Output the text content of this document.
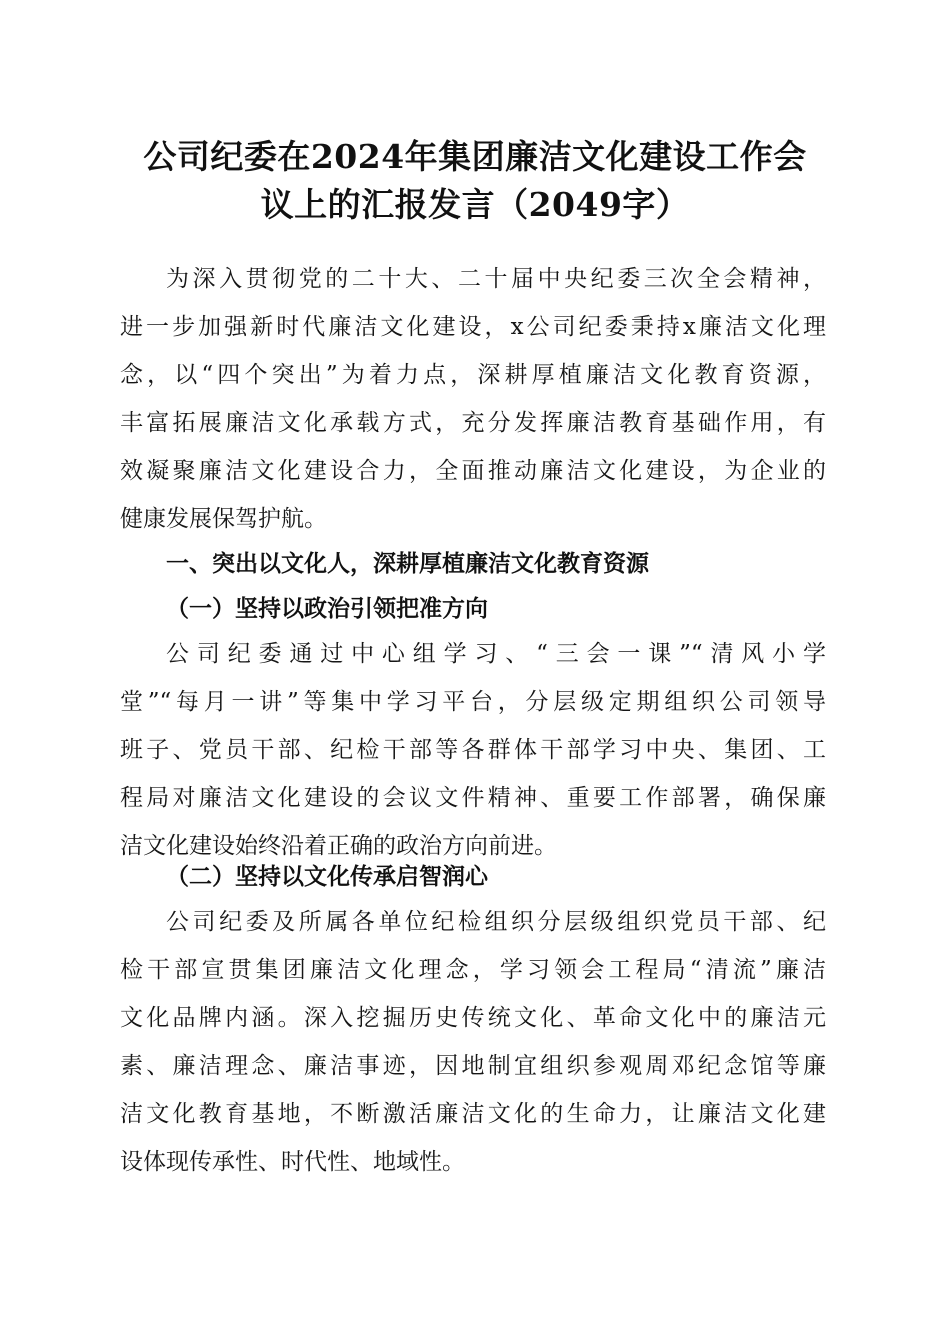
公司纪委在2024年集团廉洁文化建设工作会
议上的汇报发言（2049字）

为深入贯彻党的二十大、二十届中央纪委三次全会精神，
进一步加强新时代廉洁文化建设，x公司纪委秉持x廉洁文化理
念，以“四个突出”为着力点，深耕厚植廉洁文化教育资源，
丰富拓展廉洁文化承载方式，充分发挥廉洁教育基础作用，有
效凝聚廉洁文化建设合力，全面推动廉洁文化建设，为企业的
健康发展保驾护航。

一、突出以文化人，深耕厚植廉洁文化教育资源
（一）坚持以政治引领把准方向

公司纪委通过中心组学习、“三会一课”“清风小学
堂”“每月一讲”等集中学习平台，分层级定期组织公司领导
班子、党员干部、纪检干部等各群体干部学习中央、集团、工
程局对廉洁文化建设的会议文件精神、重要工作部署，确保廉
洁文化建设始终沿着正确的政治方向前进。

（二）坚持以文化传承启智润心

公司纪委及所属各单位纪检组织分层级组织党员干部、纪
检干部宣贯集团廉洁文化理念，学习领会工程局“清流”廉洁
文化品牌内涵。深入挖掘历史传统文化、革命文化中的廉洁元
素、廉洁理念、廉洁事迹，因地制宜组织参观周邓纪念馆等廉
洁文化教育基地，不断激活廉洁文化的生命力，让廉洁文化建
设体现传承性、时代性、地域性。
